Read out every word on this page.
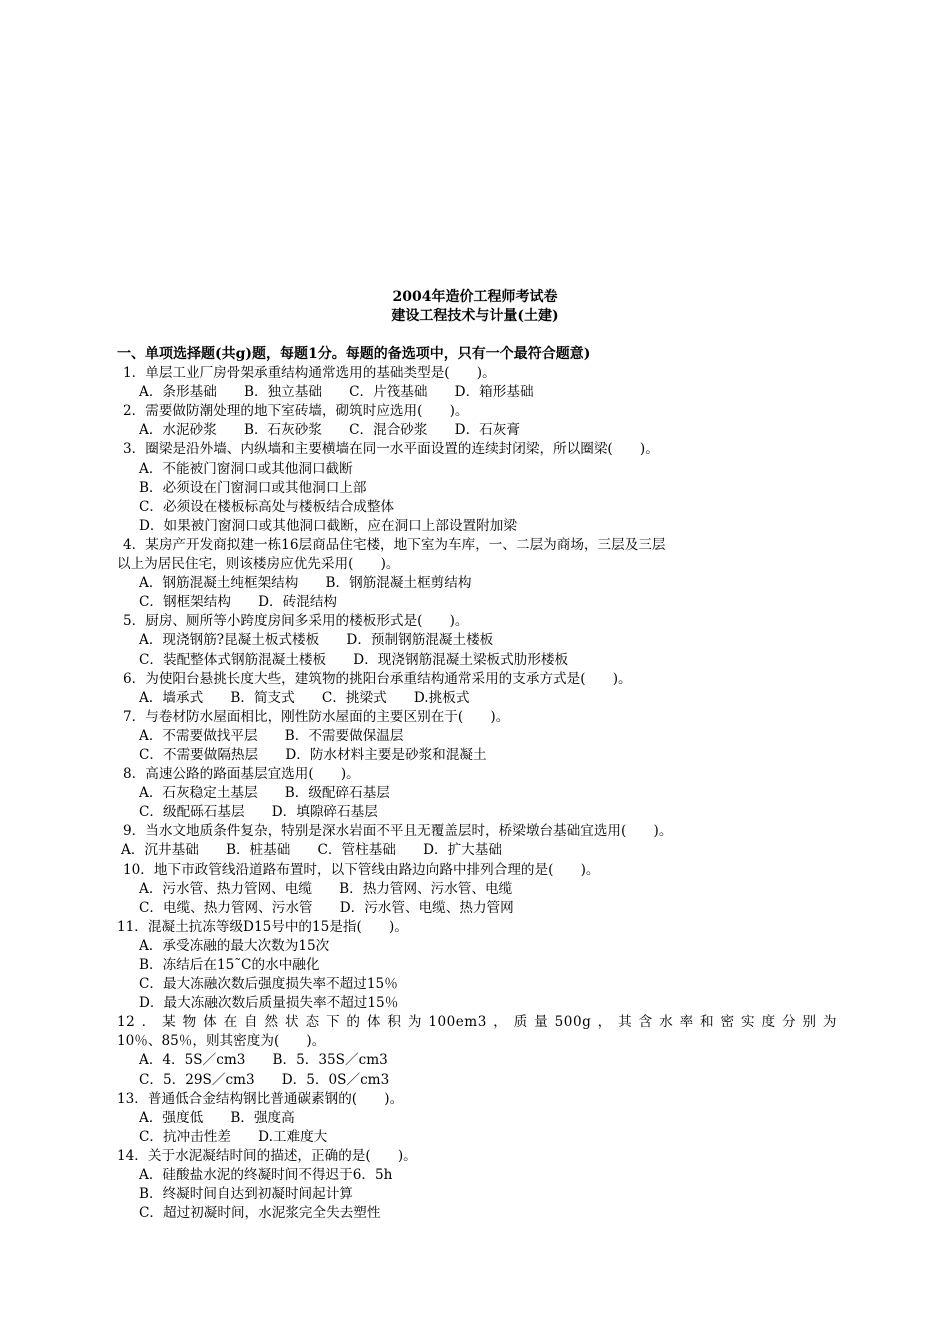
2004年造价工程师考试卷
建设工程技术与计量(土建)
一、单项选择题(共g)题，每题1分。每题的备选项中，只有一个最符合题意)
1．单层工业厂房骨架承重结构通常选用的基础类型是(　　)。
A．条形基础　　B．独立基础　　C．片筏基础　　D．箱形基础
2．需要做防潮处理的地下室砖墙，砌筑时应选用(　　)。
A．水泥砂浆　　B．石灰砂浆　　C．混合砂浆　　D．石灰膏
3．圈梁是沿外墙、内纵墙和主要横墙在同一水平面设置的连续封闭梁，所以圈梁(　　)。
A．不能被门窗洞口或其他洞口截断
B．必须设在门窗洞口或其他洞口上部
C．必须设在楼板标高处与楼板结合成整体
D．如果被门窗洞口或其他洞口截断，应在洞口上部设置附加梁
4．某房产开发商拟建一栋16层商品住宅楼，地下室为车库，一、二层为商场，三层及三层
以上为居民住宅，则该楼房应优先采用(　　)。
A．钢筋混凝土纯框架结构　　B．钢筋混凝土框剪结构
C．钢框架结构　　D．砖混结构
5．厨房、厕所等小跨度房间多采用的楼板形式是(　　)。
A．现浇钢筋?昆凝土板式楼板　　D．预制钢筋混凝土楼板
C．装配整体式钢筋混凝土楼板　　D．现浇钢筋混凝土梁板式肋形楼板
6．为使阳台悬挑长度大些，建筑物的挑阳台承重结构通常采用的支承方式是(　　)。
A．墙承式　　B．简支式　　C．挑梁式　　D.挑板式
7．与卷材防水屋面相比，刚性防水屋面的主要区别在于(　　)。
A．不需要做找平层　　B．不需要做保温层
C．不需要做隔热层　　D．防水材料主要是砂浆和混凝土
8．高速公路的路面基层宜选用(　　)。
A．石灰稳定土基层　　B．级配碎石基层
C．级配砾石基层　　D．填隙碎石基层
9．当水文地质条件复杂，特别是深水岩面不平且无覆盖层时，桥梁墩台基础宜选用(　　)。
A．沉井基础　　B．桩基础　　C．管柱基础　　D．扩大基础
10．地下市政管线沿道路布置时，以下管线由路边向路中排列合理的是(　　)。
A．污水管、热力管网、电缆　　B．热力管网、污水管、电缆
C．电缆、热力管网、污水管　　D．污水管、电缆、热力管网
11．混凝土抗冻等级D15号中的15是指(　　)。
A．承受冻融的最大次数为15次
B．冻结后在15˜C的水中融化
C．最大冻融次数后强度损失率不超过15％
D．最大冻融次数后质量损失率不超过15％
12．某物体在自然状态下的体积为100em3，质量500g，其含水率和密实度分别为
10％、85％，则其密度为(　　)。
A．4．5S／cm3　　B．5．35S／cm3
C．5．29S／cm3　　D．5．0S／cm3
13．普通低合金结构钢比普通碳素钢的(　　)。
A．强度低　　B．强度高
C．抗冲击性差　　D.工难度大
14．关于水泥凝结时间的描述，正确的是(　　)。
A．硅酸盐水泥的终凝时间不得迟于6．5h
B．终凝时间自达到初凝时间起计算
C．超过初凝时间，水泥浆完全失去塑性
